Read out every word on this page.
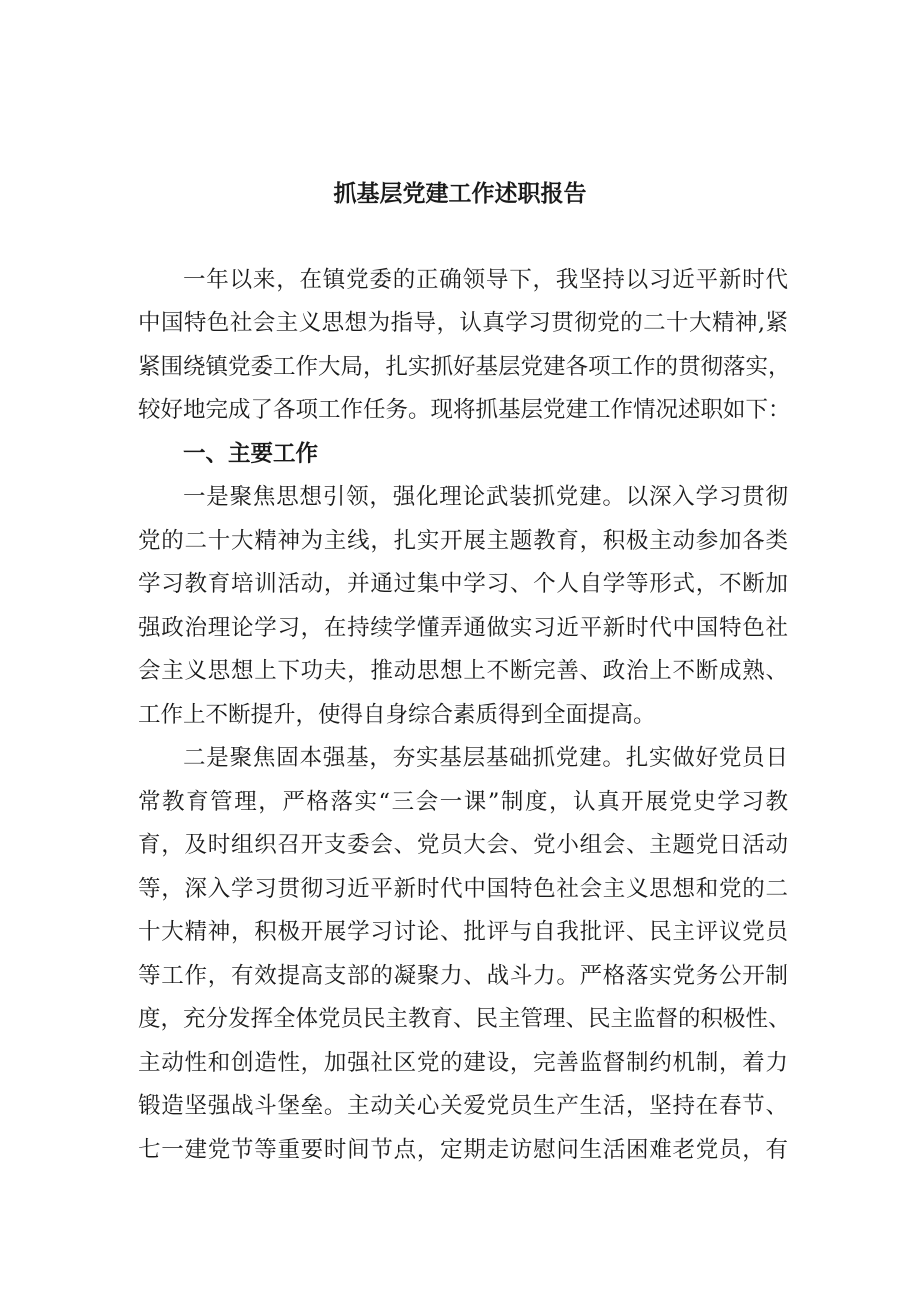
抓基层党建工作述职报告
一年以来，在镇党委的正确领导下，我坚持以习近平新时代
中国特色社会主义思想为指导，认真学习贯彻党的二十大精神,紧
紧围绕镇党委工作大局，扎实抓好基层党建各项工作的贯彻落实，
较好地完成了各项工作任务。现将抓基层党建工作情况述职如下：
一、主要工作
一是聚焦思想引领，强化理论武装抓党建。以深入学习贯彻
党的二十大精神为主线，扎实开展主题教育，积极主动参加各类
学习教育培训活动，并通过集中学习、个人自学等形式，不断加
强政治理论学习，在持续学懂弄通做实习近平新时代中国特色社
会主义思想上下功夫，推动思想上不断完善、政治上不断成熟、
工作上不断提升，使得自身综合素质得到全面提高。
二是聚焦固本强基，夯实基层基础抓党建。扎实做好党员日
常教育管理，严格落实“三会一课”制度，认真开展党史学习教
育，及时组织召开支委会、党员大会、党小组会、主题党日活动
等，深入学习贯彻习近平新时代中国特色社会主义思想和党的二
十大精神，积极开展学习讨论、批评与自我批评、民主评议党员
等工作，有效提高支部的凝聚力、战斗力。严格落实党务公开制
度，充分发挥全体党员民主教育、民主管理、民主监督的积极性、
主动性和创造性，加强社区党的建设，完善监督制约机制，着力
锻造坚强战斗堡垒。主动关心关爱党员生产生活，坚持在春节、
七一建党节等重要时间节点，定期走访慰问生活困难老党员，有
